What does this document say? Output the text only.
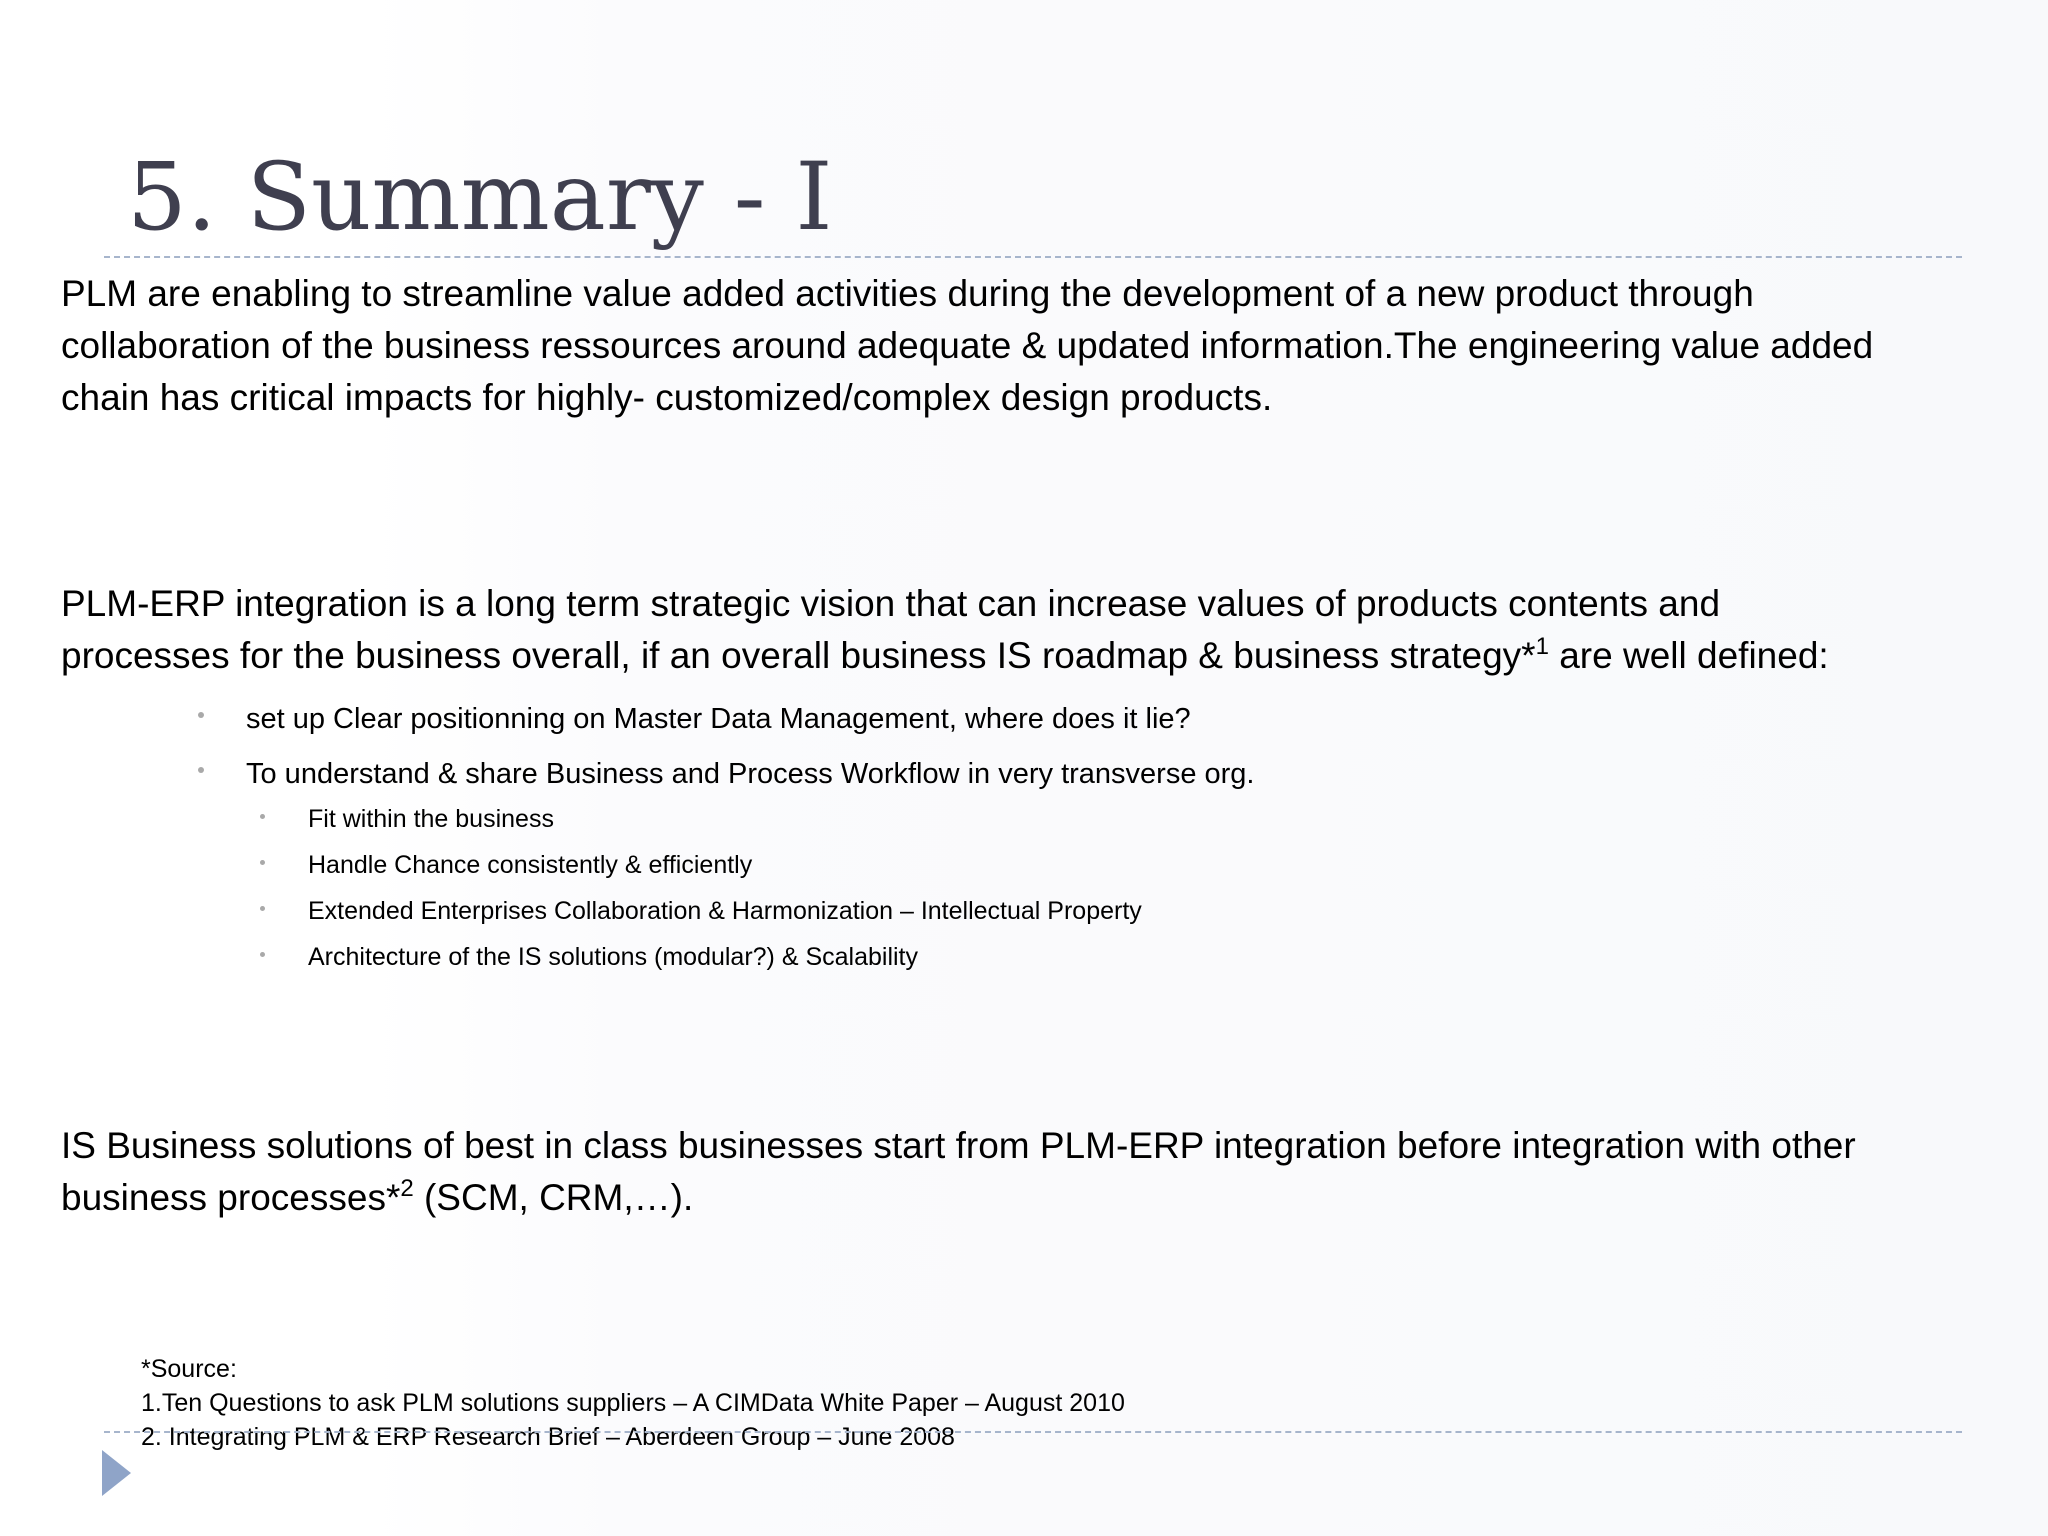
5. Summary - I

PLM are enabling to streamline value added activities during the development of a new product through
collaboration of the business ressources around adequate & updated information.The engineering value added
chain has critical impacts for highly- customized/complex design products.

PLM-ERP integration is a long term strategic vision that can increase values of products contents and
processes for the business overall, if an overall business IS roadmap & business strategy*$^1$ are well defined:

set up Clear positionning on Master Data Management, where does it lie?
To understand & share Business and Process Workflow in very transverse org.
Fit within the business
Handle Chance consistently & efficiently
Extended Enterprises Collaboration & Harmonization – Intellectual Property
Architecture of the IS solutions (modular?) & Scalability

IS Business solutions of best in class businesses start from PLM-ERP integration before integration with other
business processes*$^2$ (SCM, CRM,…).

*Source:
1.Ten Questions to ask PLM solutions suppliers – A CIMData White Paper – August 2010
2. Integrating PLM & ERP Research Brief – Aberdeen Group – June 2008
